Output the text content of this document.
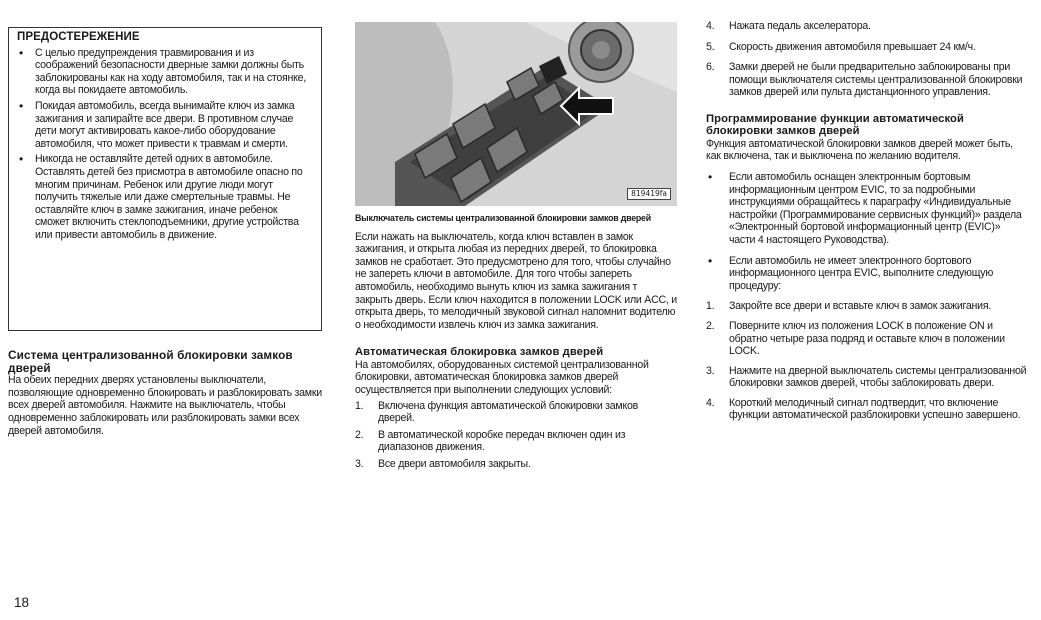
ПРЕДОСТЕРЕЖЕНИЕ
• С целью предупреждения травмирования и из соображений безопасности дверные замки должны быть заблокированы как на ходу автомобиля, так и на стоянке, когда вы покидаете автомобиль.
• Покидая автомобиль, всегда вынимайте ключ из замка зажигания и запирайте все двери. В противном случае дети могут активировать какое-либо оборудование автомобиля, что может привести к травмам и смерти.
• Никогда не оставляйте детей одних в автомобиле. Оставлять детей без присмотра в автомобиле опасно по многим причинам. Ребенок или другие люди могут получить тяжелые или даже смертельные травмы. Не оставляйте ключ в замке зажигания, иначе ребенок сможет включить стеклоподъемники, другие устройства или привести автомобиль в движение.
Система централизованной блокировки замков дверей
На обеих передних дверях установлены выключатели, позволяющие одновременно блокировать и разблокировать замки всех дверей автомобиля. Нажмите на выключатель, чтобы одновременно заблокировать или разблокировать замки всех дверей автомобиля.
819419fa
Выключатель системы централизованной блокировки замков дверей
Если нажать на выключатель, когда ключ вставлен в замок зажигания, и открыта любая из передних дверей, то блокировка замков не сработает. Это предусмотрено для того, чтобы случайно не запереть ключи в автомобиле. Для того чтобы запереть автомобиль, необходимо вынуть ключ из замка зажигания т закрыть дверь. Если ключ находится в положении LOCK или ACC, и открыта дверь, то мелодичный звуковой сигнал напомнит водителю о необходимости извлечь ключ из замка зажигания.
Автоматическая блокировка замков дверей
На автомобилях, оборудованных системой централизованной блокировки, автоматическая блокировка замков дверей осуществляется при выполнении следующих условий:
1. Включена функция автоматической блокировки замков дверей.
2. В автоматической коробке передач включен один из диапазонов движения.
3. Все двери автомобиля закрыты.
4. Нажата педаль акселератора.
5. Скорость движения автомобиля превышает 24 км/ч.
6. Замки дверей не были предварительно заблокированы при помощи выключателя системы централизованной блокировки замков дверей или пульта дистанционного управления.
Программирование функции автоматической блокировки замков дверей
Функция автоматической блокировки замков дверей может быть, как включена, так и выключена по желанию водителя.
• Если автомобиль оснащен электронным бортовым информационным центром EVIC, то за подробными инструкциями обращайтесь к параграфу «Индивидуальные настройки (Программирование сервисных функций)» раздела «Электронный бортовой информационный центр (EVIC)» части 4 настоящего Руководства).
• Если автомобиль не имеет электронного бортового информационного центра EVIC, выполните следующую процедуру:
1. Закройте все двери и вставьте ключ в замок зажигания.
2. Поверните ключ из положения LOCK в положение ON и обратно четыре раза подряд и оставьте ключ в положении LOCK.
3. Нажмите на дверной выключатель системы централизованной блокировки замков дверей, чтобы заблокировать двери.
4. Короткий мелодичный сигнал подтвердит, что включение функции автоматической разблокировки успешно завершено.
18
